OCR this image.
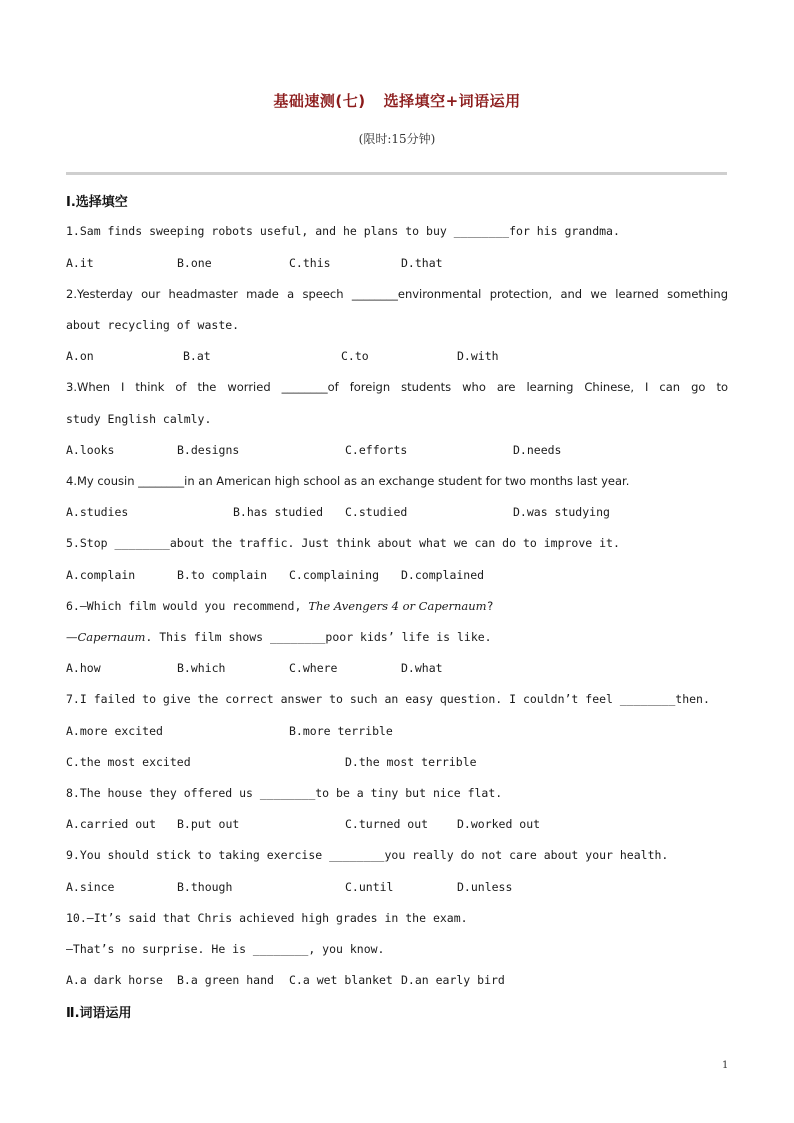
基础速测(七) 选择填空+词语运用
(限时:15分钟)
Ⅰ.选择填空
1.Sam finds sweeping robots useful, and he plans to buy ________for his grandma.
A.it	B.one	C.this	D.that
2.Yesterday our headmaster made a speech ________environmental protection, and we learned something
about recycling of waste.
A.on	B.at	C.to	D.with
3.When I think of the worried ________of foreign students who are learning Chinese, I can go to
study English calmly.
A.looks	B.designs	C.efforts	D.needs
4.My cousin ________in an American high school as an exchange student for two months last year.
A.studies	B.has studied C.studied	D.was studying
5.Stop ________about the traffic. Just think about what we can do to improve it.
A.complain	B.to complain C.complaining D.complained
6.—Which film would you recommend, The Avengers 4 or Capernaum?
—Capernaum. This film shows ________poor kids’ life is like.
A.how	B.which	C.where	D.what
7.I failed to give the correct answer to such an easy question. I couldn’t feel ________then.
A.more excited	B.more terrible
C.the most excited	D.the most terrible
8.The house they offered us ________to be a tiny but nice flat.
A.carried out B.put out	C.turned out	D.worked out
9.You should stick to taking exercise ________you really do not care about your health.
A.since	B.though	C.until	D.unless
10.—It’s said that Chris achieved high grades in the exam.
—That’s no surprise. He is ________, you know.
A.a dark horse B.a green hand C.a wet blanket D.an early bird
Ⅱ.词语运用
1
